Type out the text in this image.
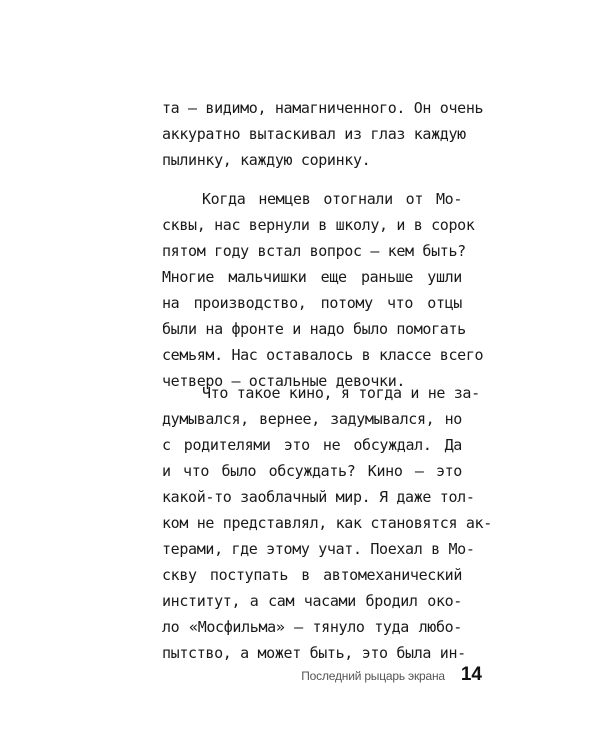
та — видимо, намагниченного. Он очень
аккуратно вытаскивал из глаз каждую
пылинку, каждую соринку.
Когда немцев отогнали от Мо-
сквы, нас вернули в школу, и в сорок
пятом году встал вопрос — кем быть?
Многие мальчишки еще раньше ушли
на производство, потому что отцы
были на фронте и надо было помогать
семьям. Нас оставалось в классе всего
четверо — остальные девочки.
Что такое кино, я тогда и не за-
думывался, вернее, задумывался, но
с родителями это не обсуждал. Да
и что было обсуждать? Кино — это
какой-то заоблачный мир. Я даже тол-
ком не представлял, как становятся ак-
терами, где этому учат. Поехал в Мо-
скву поступать в автомеханический
институт, а сам часами бродил око-
ло «Мосфильма» — тянуло туда любо-
пытство, а может быть, это была ин-
Последний рыцарь экрана 14
